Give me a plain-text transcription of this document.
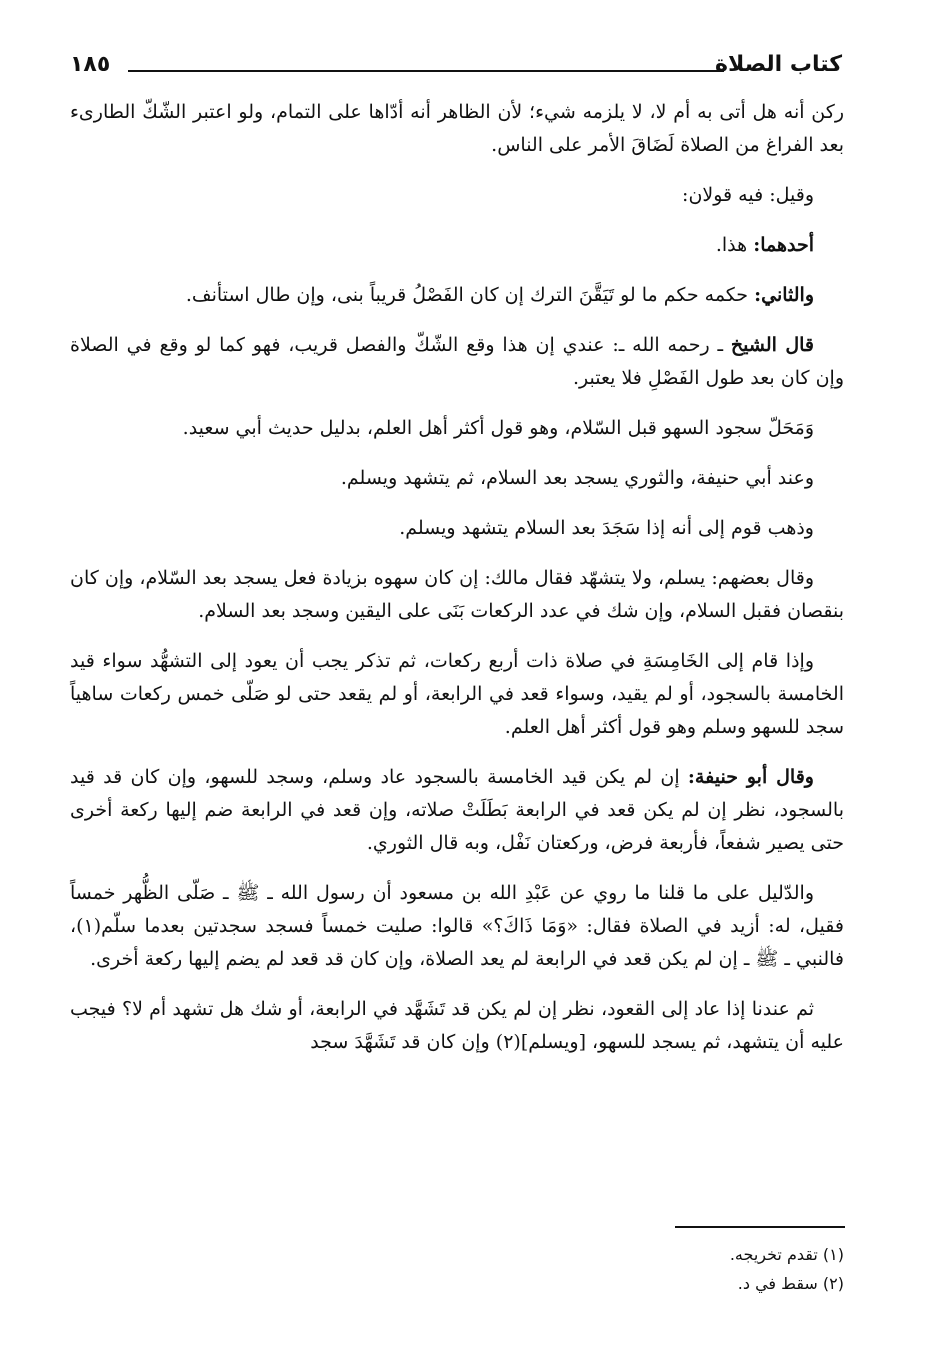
كتاب الصلاة
١٨٥

ركن أنه هل أتى به أم لا، لا يلزمه شيء؛ لأن الظاهر أنه أدّاها على التمام، ولو اعتبر الشّكّ الطارىء بعد الفراغ من الصلاة لَضَاقَ الأمر على الناس.

وقيل: فيه قولان:

أحدهما: هذا.

والثاني: حكمه حكم ما لو تَيَقَّنَ الترك إن كان الفَصْلُ قريباً بنى، وإن طال استأنف.

قال الشيخ ـ رحمه الله ـ: عندي إن هذا وقع الشّكّ والفصل قريب، فهو كما لو وقع في الصلاة وإن كان بعد طول الفَصْلِ فلا يعتبر.

وَمَحَلّ سجود السهو قبل السّلام، وهو قول أكثر أهل العلم، بدليل حديث أبي سعيد.

وعند أبي حنيفة، والثوري يسجد بعد السلام، ثم يتشهد ويسلم.

وذهب قوم إلى أنه إذا سَجَدَ بعد السلام يتشهد ويسلم.

وقال بعضهم: يسلم، ولا يتشهّد فقال مالك: إن كان سهوه بزيادة فعل يسجد بعد السّلام، وإن كان بنقصان فقبل السلام، وإن شك في عدد الركعات بَنَى على اليقين وسجد بعد السلام.

وإذا قام إلى الخَامِسَةِ في صلاة ذات أربع ركعات، ثم تذكر يجب أن يعود إلى التشهُّد سواء قيد الخامسة بالسجود، أو لم يقيد، وسواء قعد في الرابعة، أو لم يقعد حتى لو صَلّى خمس ركعات ساهياً سجد للسهو وسلم وهو قول أكثر أهل العلم.

وقال أبو حنيفة: إن لم يكن قيد الخامسة بالسجود عاد وسلم، وسجد للسهو، وإن كان قد قيد بالسجود، نظر إن لم يكن قعد في الرابعة بَطَلَتْ صلاته، وإن قعد في الرابعة ضم إليها ركعة أخرى حتى يصير شفعاً، فأربعة فرض، وركعتان نَفْل، وبه قال الثوري.

والدّليل على ما قلنا ما روي عن عَبْدِ الله بن مسعود أن رسول الله ـ ﷺ ـ صَلّى الظُّهر خمساً فقيل، له: أزيد في الصلاة فقال: «وَمَا ذَاكَ؟» قالوا: صليت خمساً فسجد سجدتين بعدما سلّم(١)، فالنبي ـ ﷺ ـ إن لم يكن قعد في الرابعة لم يعد الصلاة، وإن كان قد قعد لم يضم إليها ركعة أخرى.

ثم عندنا إذا عاد إلى القعود، نظر إن لم يكن قد تَشَهَّد في الرابعة، أو شك هل تشهد أم لا؟ فيجب عليه أن يتشهد، ثم يسجد للسهو، [ويسلم](٢) وإن كان قد تَشَهَّدَ سجد

(١) تقدم تخريجه.
(٢) سقط في د.
